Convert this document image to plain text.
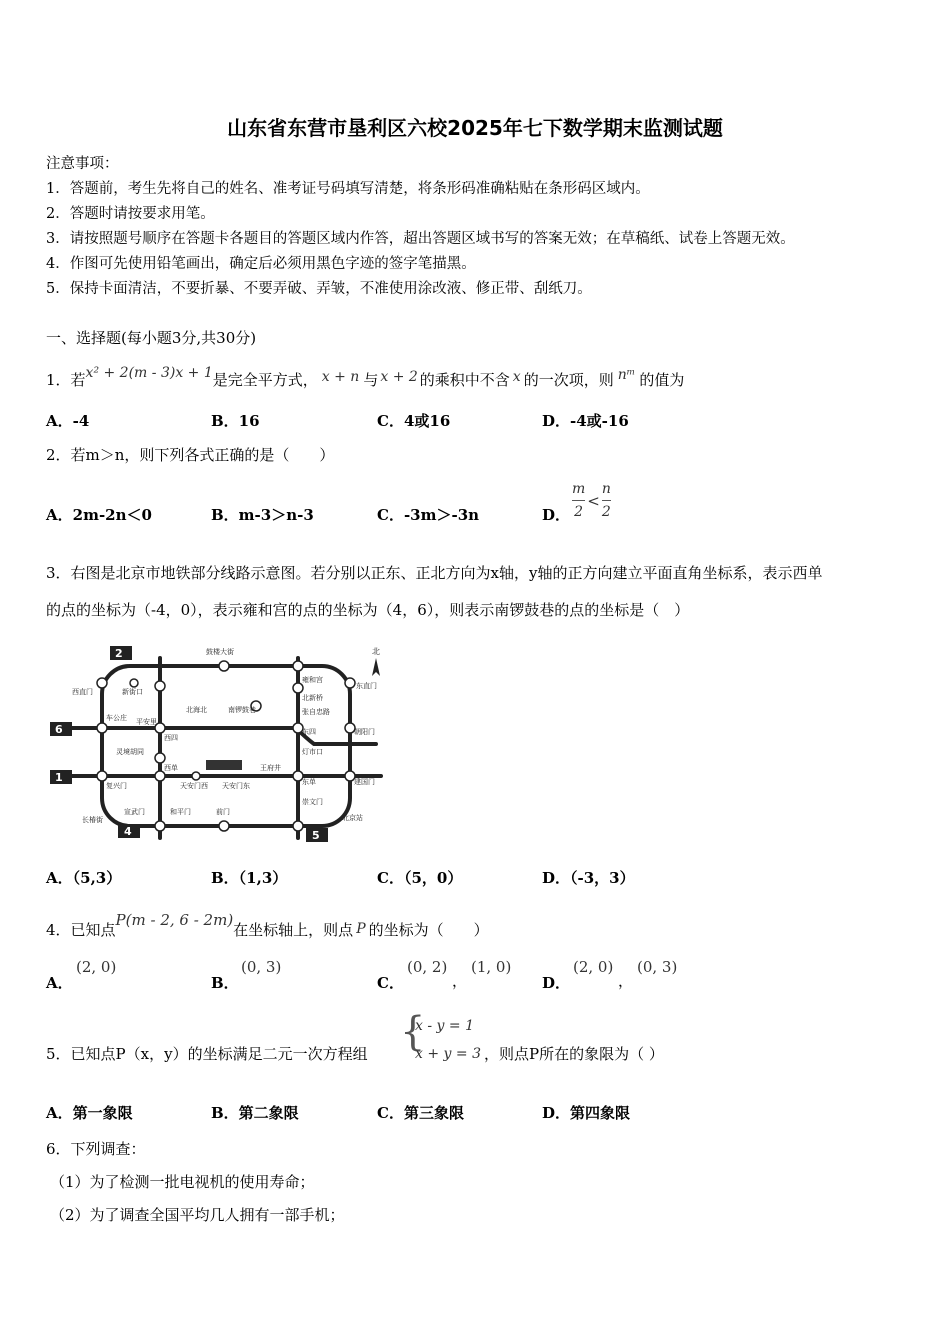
山东省东营市垦利区六校2025年七下数学期末监测试题
注意事项：
1．答题前，考生先将自己的姓名、准考证号码填写清楚，将条形码准确粘贴在条形码区域内。
2．答题时请按要求用笔。
3．请按照题号顺序在答题卡各题目的答题区域内作答，超出答题区域书写的答案无效；在草稿纸、试卷上答题无效。
4．作图可先使用铅笔画出，确定后必须用黑色字迹的签字笔描黑。
5．保持卡面清洁，不要折暴、不要弄破、弄皱，不准使用涂改液、修正带、刮纸刀。
一、选择题(每小题3分,共30分)
1．若x² + 2(m - 3)x + 1是完全平方式， x + n 与 x + 2 的乘积中不含 x 的一次项，则 nᵐ 的值为
A．-4	B．16	C．4或16	D．-4或-16
2．若m＞n，则下列各式正确的是（　　）
A．2m-2n＜0	B．m-3＞n-3	C．-3m＞-3n	D． $\frac{m}{2} < \frac{n}{2}$
3．右图是北京市地铁部分线路示意图。若分别以正东、正北方向为x轴，y轴的正方向建立平面直角坐标系，表示西单
的点的坐标为（-4，0），表示雍和宫的点的坐标为（4，6），则表示南锣鼓巷的点的坐标是（　）
2
6
1
4	5
北
鼓楼大街
雍和宫
东直门
北新桥
张自忠路
东四	朝阳门
灯市口
东单	建国门
崇文门
北京站
西直门	新街口
车公庄 平安里
西四
灵境胡同
西单
复兴门
宣武门	和平门	前门
天安门西 天安门东
王府井
长椿街
北海北	南锣鼓巷
A．（5,3）	B．（1,3）	C．（5，0）	D．（-3，3）
4．已知点P(m - 2, 6 - 2m)在坐标轴上，则点 P 的坐标为（　　）
A．
(2, 0)
B．
(0, 3)
C．
(0, 2)
，
(1, 0)
D．
(2, 0)
，
(0, 3)
5．已知点P（x，y）的坐标满足二元一次方程组 {
x - y = 1
x + y = 3 ，则点P所在的象限为（ ）
A．第一象限	B．第二象限	C．第三象限	D．第四象限
6．下列调查：
（1）为了检测一批电视机的使用寿命；
（2）为了调查全国平均几人拥有一部手机；
